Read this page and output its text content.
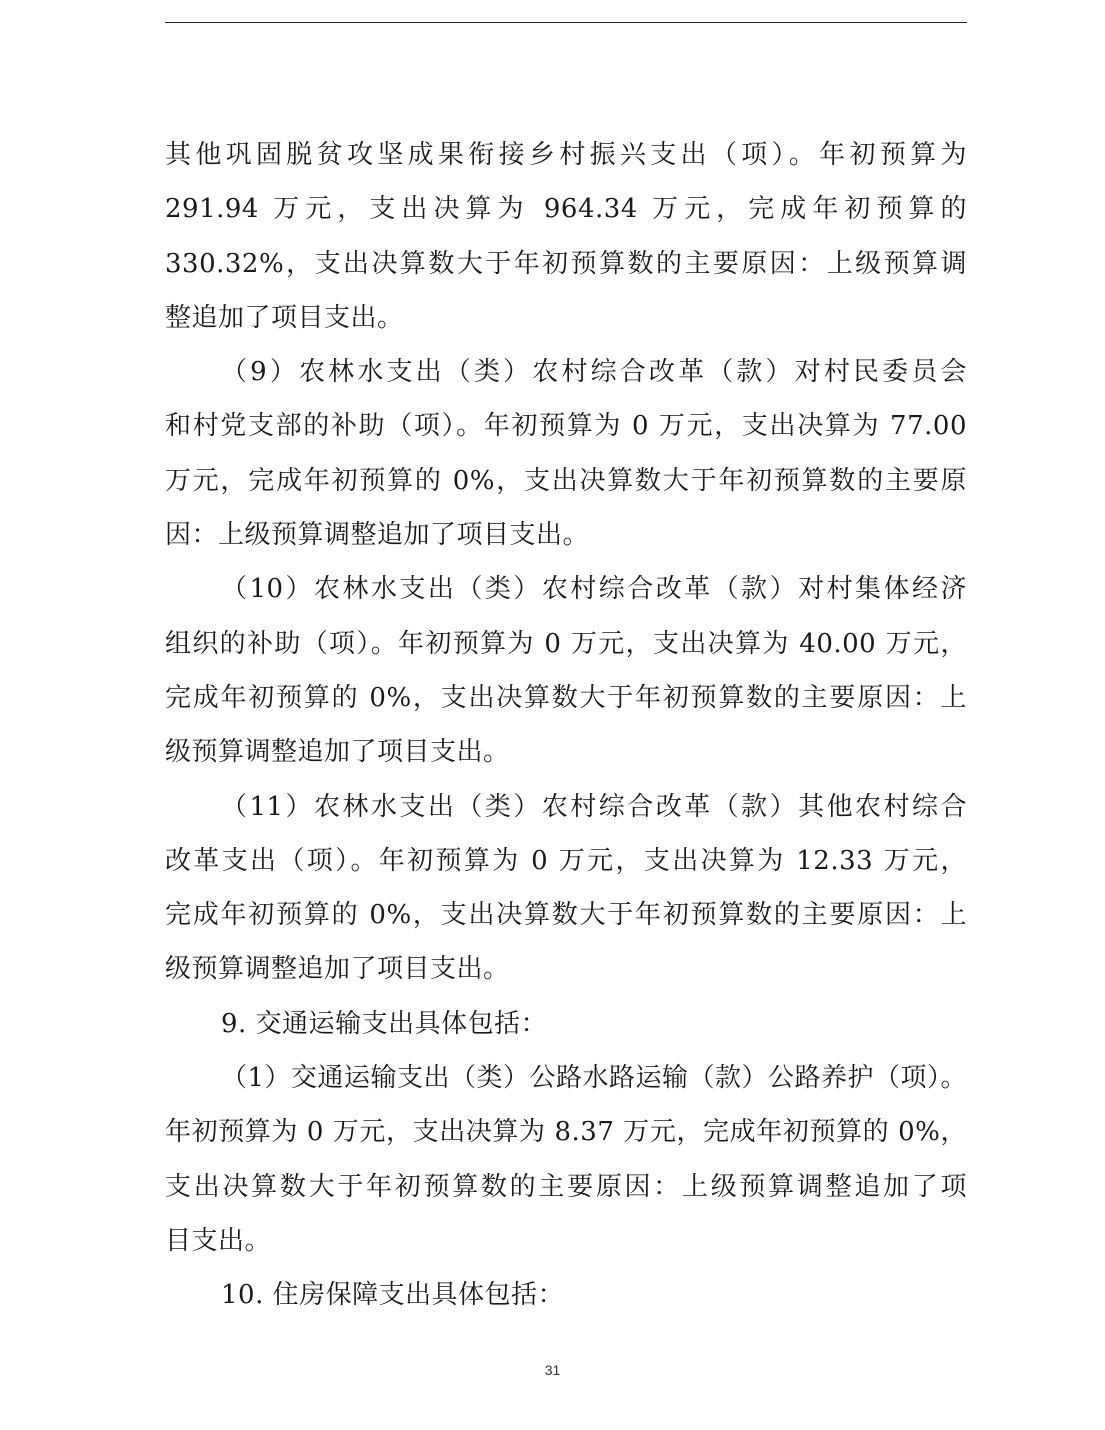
其他巩固脱贫攻坚成果衔接乡村振兴支出（项）。年初预算为
291.94 万元，支出决算为 964.34 万元，完成年初预算的
330.32%，支出决算数大于年初预算数的主要原因：上级预算调
整追加了项目支出。
（9）农林水支出（类）农村综合改革（款）对村民委员会
和村党支部的补助（项）。年初预算为 0 万元，支出决算为 77.00
万元，完成年初预算的 0%，支出决算数大于年初预算数的主要原
因：上级预算调整追加了项目支出。
（10）农林水支出（类）农村综合改革（款）对村集体经济
组织的补助（项）。年初预算为 0 万元，支出决算为 40.00 万元，
完成年初预算的 0%，支出决算数大于年初预算数的主要原因：上
级预算调整追加了项目支出。
（11）农林水支出（类）农村综合改革（款）其他农村综合
改革支出（项）。年初预算为 0 万元，支出决算为 12.33 万元，
完成年初预算的 0%，支出决算数大于年初预算数的主要原因：上
级预算调整追加了项目支出。
9. 交通运输支出具体包括：
（1）交通运输支出（类）公路水路运输（款）公路养护（项）。
年初预算为 0 万元，支出决算为 8.37 万元，完成年初预算的 0%，
支出决算数大于年初预算数的主要原因：上级预算调整追加了项
目支出。
10. 住房保障支出具体包括：
31
